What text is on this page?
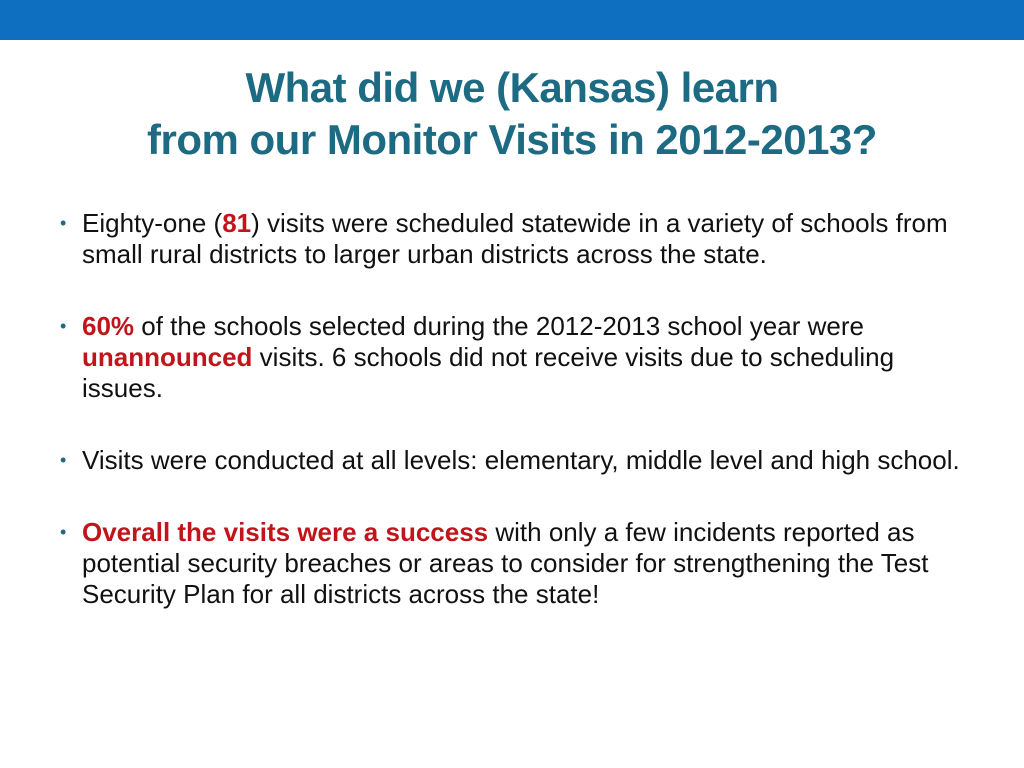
What did we (Kansas) learn
from our Monitor Visits in 2012-2013?
• Eighty-one (81) visits were scheduled statewide in a variety of schools from small rural districts to larger urban districts across the state.
• 60% of the schools selected during the 2012-2013 school year were unannounced visits. 6 schools did not receive visits due to scheduling issues.
• Visits were conducted at all levels: elementary, middle level and high school.
• Overall the visits were a success with only a few incidents reported as potential security breaches or areas to consider for strengthening the Test Security Plan for all districts across the state!
